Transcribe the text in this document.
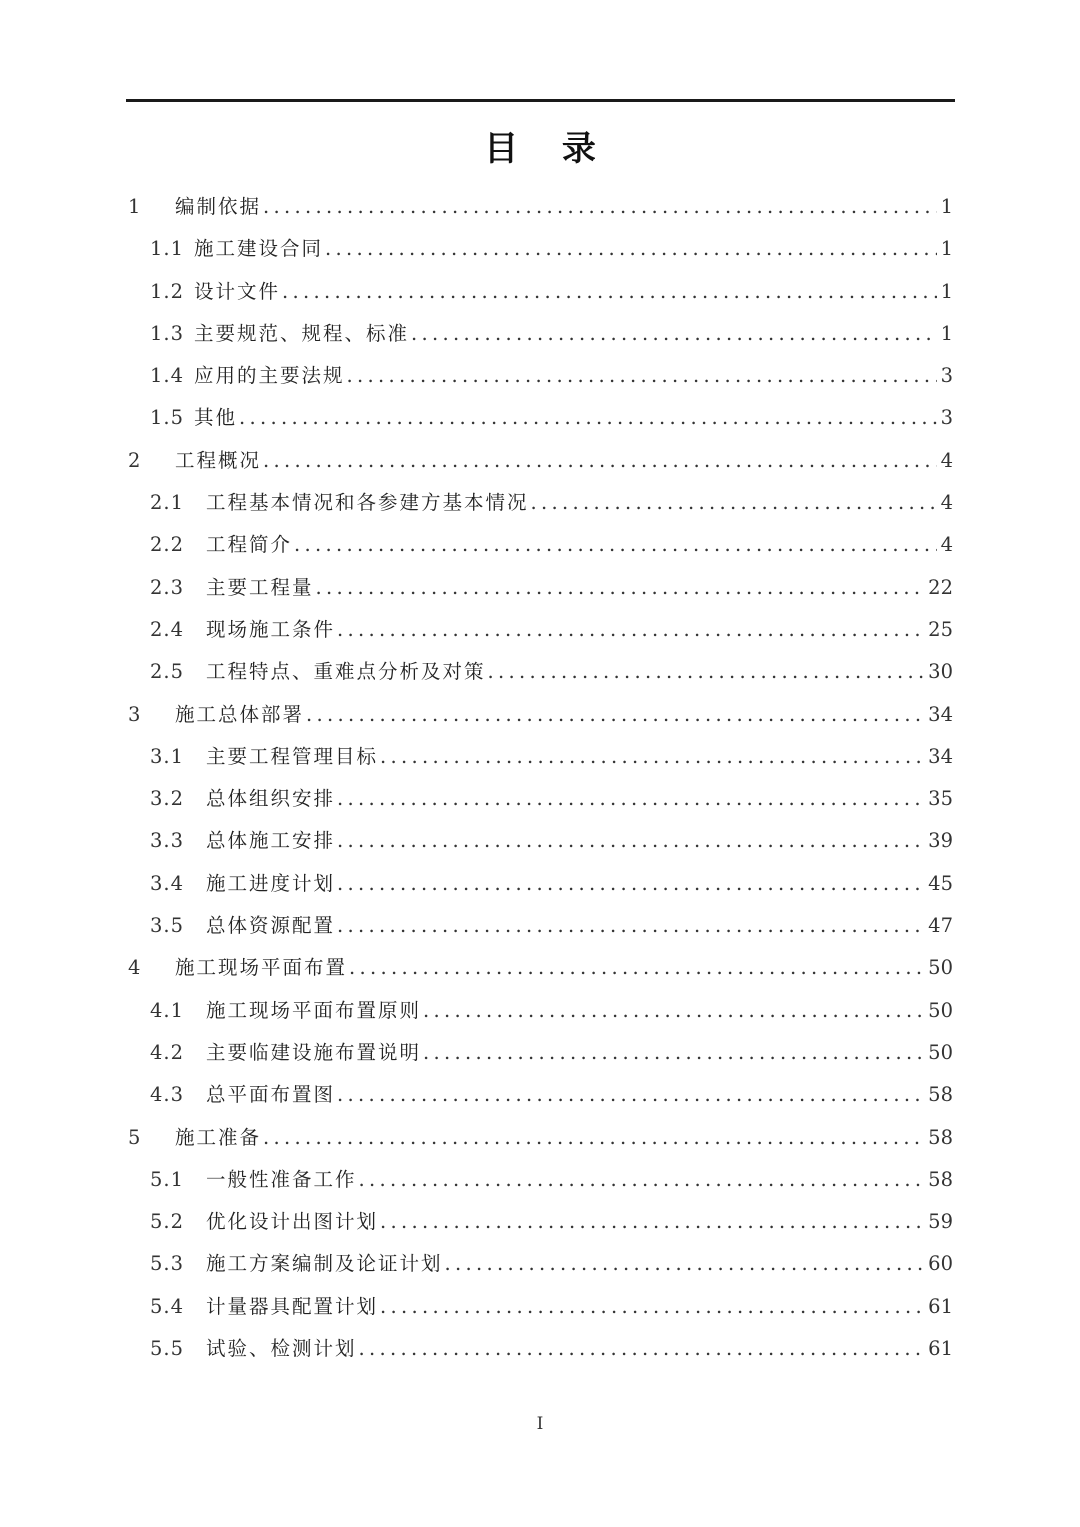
目 录
1	编制依据 .....	1
1.1 施工建设合同 .....	1
1.2 设计文件 .....	1
1.3 主要规范、规程、标准 .....	1
1.4 应用的主要法规 .....	3
1.5 其他 .....	3
2	工程概况 .....	4
2.1	工程基本情况和各参建方基本情况 .....	4
2.2	工程简介 .....	4
2.3	主要工程量 .....	22
2.4	现场施工条件 .....	25
2.5	工程特点、重难点分析及对策 .....	30
3	施工总体部署 .....	34
3.1	主要工程管理目标 .....	34
3.2	总体组织安排 .....	35
3.3	总体施工安排 .....	39
3.4	施工进度计划 .....	45
3.5	总体资源配置 .....	47
4	施工现场平面布置 .....	50
4.1	施工现场平面布置原则 .....	50
4.2	主要临建设施布置说明 .....	50
4.3	总平面布置图 .....	58
5	施工准备 .....	58
5.1	一般性准备工作 .....	58
5.2	优化设计出图计划 .....	59
5.3	施工方案编制及论证计划 .....	60
5.4	计量器具配置计划 .....	61
5.5	试验、检测计划 .....	61
I
